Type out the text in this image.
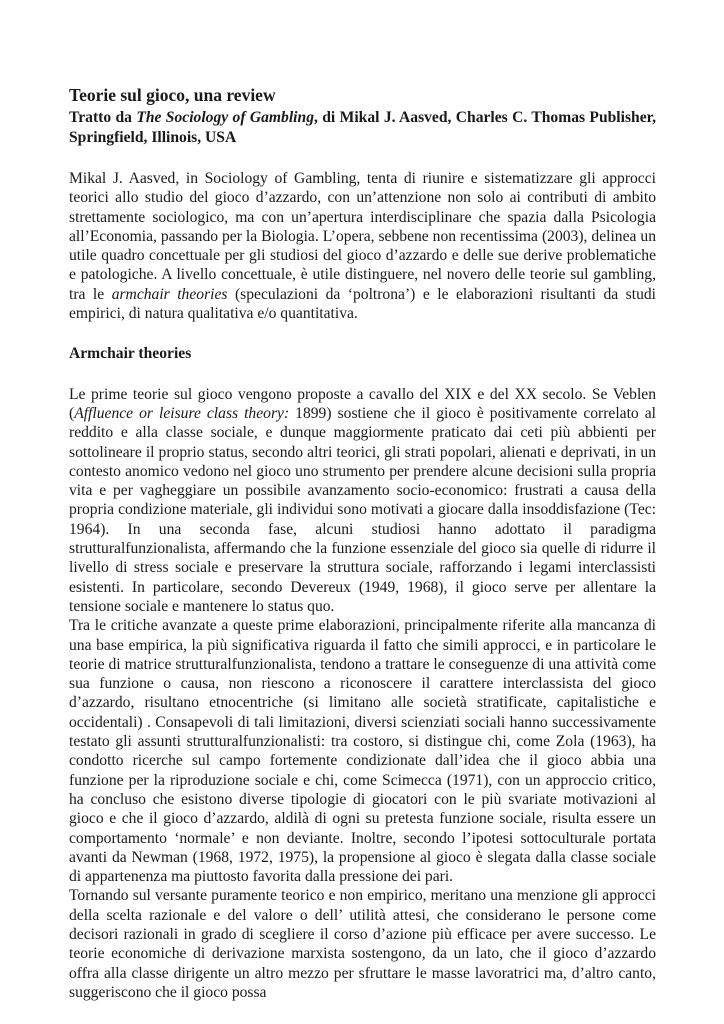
Teorie sul gioco, una review

Tratto da The Sociology of Gambling, di Mikal J. Aasved, Charles C. Thomas Publisher, Springfield, Illinois, USA

Mikal J. Aasved, in Sociology of Gambling, tenta di riunire e sistematizzare gli approcci teorici allo studio del gioco d’azzardo, con un’attenzione non solo ai contributi di ambito strettamente sociologico, ma con un’apertura interdisciplinare che spazia dalla Psicologia all’Economia, passando per la Biologia. L’opera, sebbene non recentissima (2003), delinea un utile quadro concettuale per gli studiosi del gioco d’azzardo e delle sue derive problematiche e patologiche. A livello concettuale, è utile distinguere, nel novero delle teorie sul gambling, tra le armchair theories (speculazioni da ‘poltrona’) e le elaborazioni risultanti da studi empirici, di natura qualitativa e/o quantitativa.

Armchair theories

Le prime teorie sul gioco vengono proposte a cavallo del XIX e del XX secolo. Se Veblen (Affluence or leisure class theory: 1899) sostiene che il gioco è positivamente correlato al reddito e alla classe sociale, e dunque maggiormente praticato dai ceti più abbienti per sottolineare il proprio status, secondo altri teorici, gli strati popolari, alienati e deprivati, in un contesto anomico vedono nel gioco uno strumento per prendere alcune decisioni sulla propria vita e per vagheggiare un possibile avanzamento socio-economico: frustrati a causa della propria condizione materiale, gli individui sono motivati a giocare dalla insoddisfazione (Tec: 1964). In una seconda fase, alcuni studiosi hanno adottato il paradigma strutturalfunzionalista, affermando che la funzione essenziale del gioco sia quelle di ridurre il livello di stress sociale e preservare la struttura sociale, rafforzando i legami interclassisti esistenti. In particolare, secondo Devereux (1949, 1968), il gioco serve per allentare la tensione sociale e mantenere lo status quo.

Tra le critiche avanzate a queste prime elaborazioni, principalmente riferite alla mancanza di una base empirica, la più significativa riguarda il fatto che simili approcci, e in particolare le teorie di matrice strutturalfunzionalista, tendono a trattare le conseguenze di una attività come sua funzione o causa, non riescono a riconoscere il carattere interclassista del gioco d’azzardo, risultano etnocentriche (si limitano alle società stratificate, capitalistiche e occidentali) . Consapevoli di tali limitazioni, diversi scienziati sociali hanno successivamente testato gli assunti strutturalfunzionalisti: tra costoro, si distingue chi, come Zola (1963), ha condotto ricerche sul campo fortemente condizionate dall’idea che il gioco abbia una funzione per la riproduzione sociale e chi, come Scimecca (1971), con un approccio critico, ha concluso che esistono diverse tipologie di giocatori con le più svariate motivazioni al gioco e che il gioco d’azzardo, aldilà di ogni su pretesta funzione sociale, risulta essere un comportamento ‘normale’ e non deviante. Inoltre, secondo l’ipotesi sottoculturale portata avanti da Newman (1968, 1972, 1975), la propensione al gioco è slegata dalla classe sociale di appartenenza ma piuttosto favorita dalla pressione dei pari.

Tornando sul versante puramente teorico e non empirico, meritano una menzione gli approcci della scelta razionale e del valore o dell’ utilità attesi, che considerano le persone come decisori razionali in grado di scegliere il corso d’azione più efficace per avere successo. Le teorie economiche di derivazione marxista sostengono, da un lato, che il gioco d’azzardo offra alla classe dirigente un altro mezzo per sfruttare le masse lavoratrici ma, d’altro canto, suggeriscono che il gioco possa
